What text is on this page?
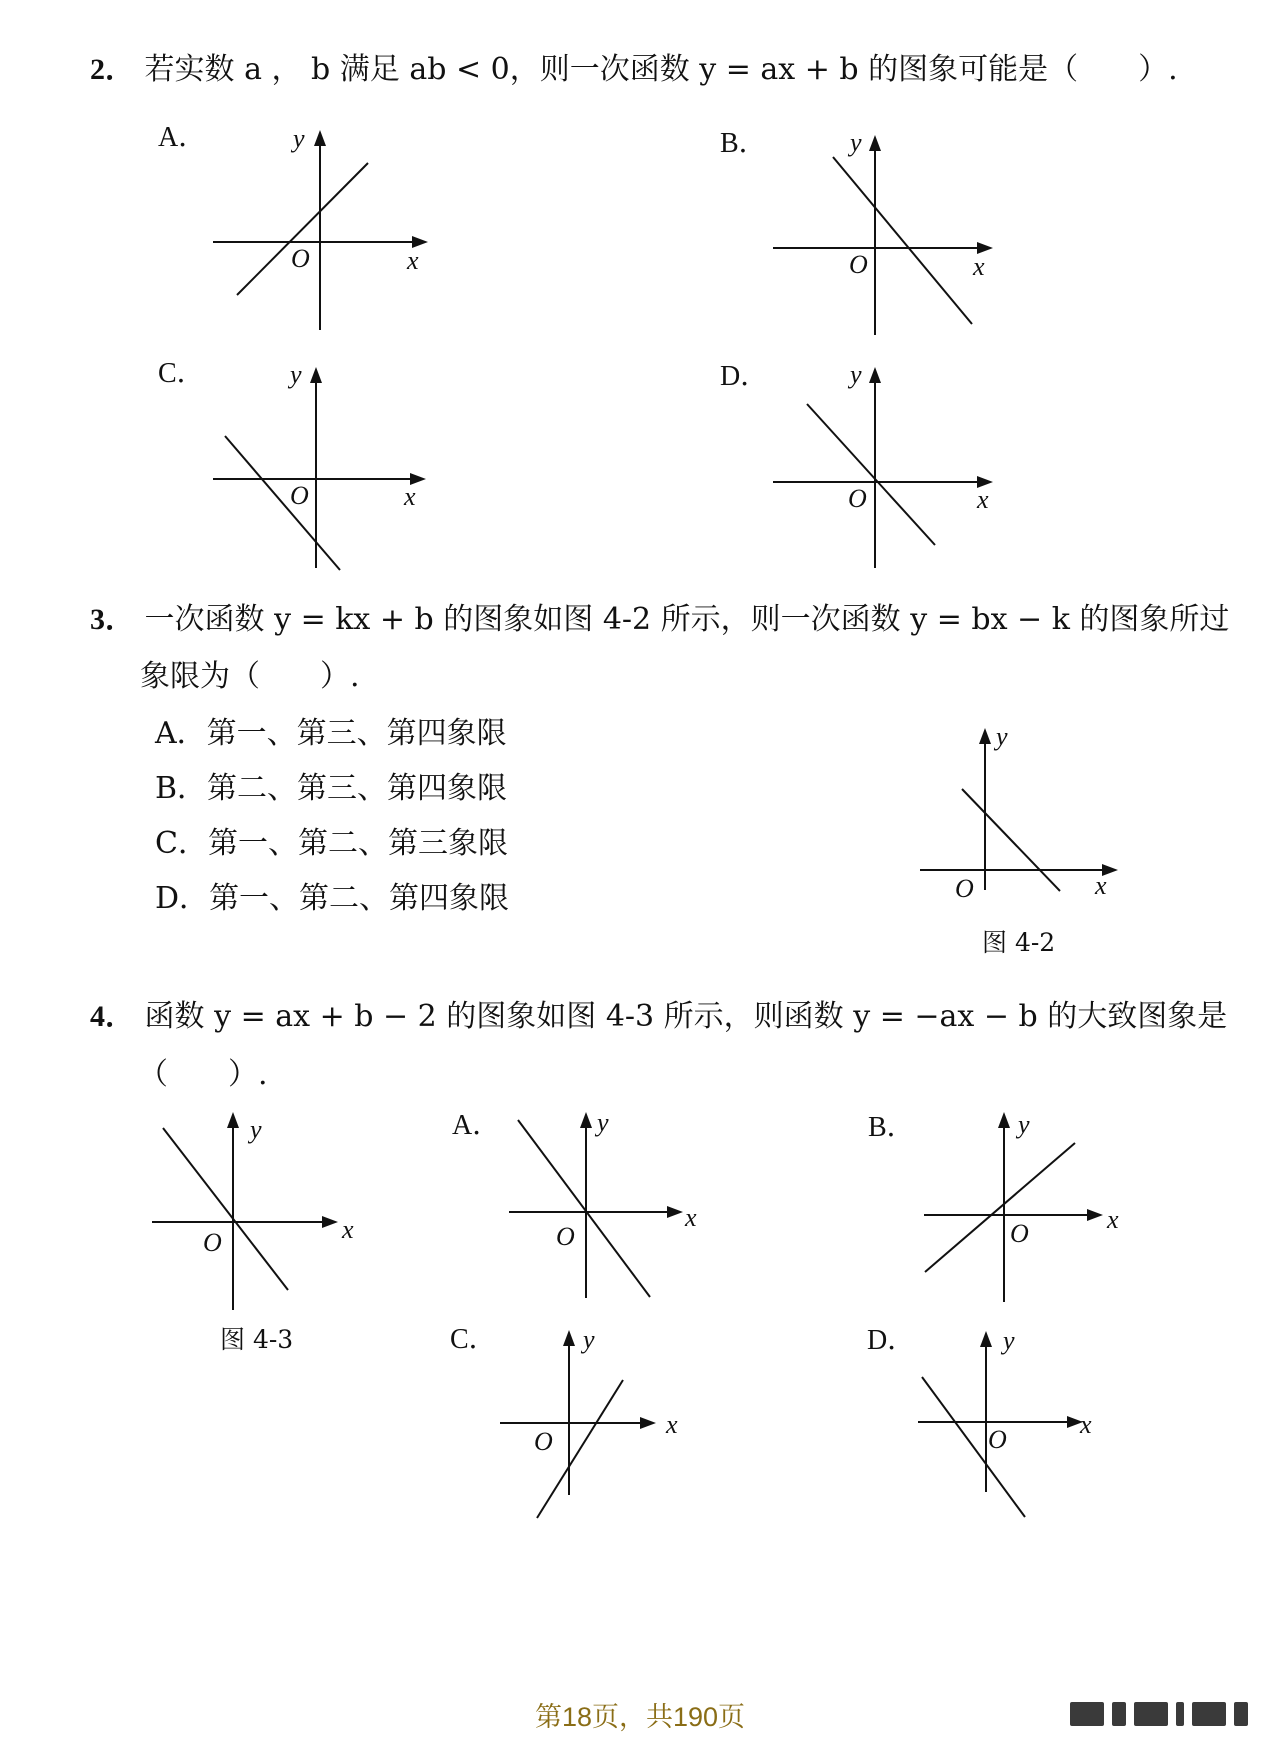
2． 若实数 a ， b 满足 ab < 0，则一次函数 y = ax + b 的图象可能是（　　）.
A．	y
x
O
B．	y
x
O
C．	y
x
O
D．	y
x
O
3． 一次函数 y = kx + b 的图象如图 4-2 所示，则一次函数 y = bx − k 的图象所过
象限为（　　）.
A．第一、第三、第四象限
B．第二、第三、第四象限
C．第一、第二、第三象限
D．第一、第二、第四象限
y
x
O
图 4-2
4． 函数 y = ax + b − 2 的图象如图 4-3 所示，则函数 y = −ax − b 的大致图象是
（　　）.
y
x
O
图 4-3
A．	y
x
O
B．	y
x
O
C．	y
x
O
D．	y
x
O
第18页，共190页
